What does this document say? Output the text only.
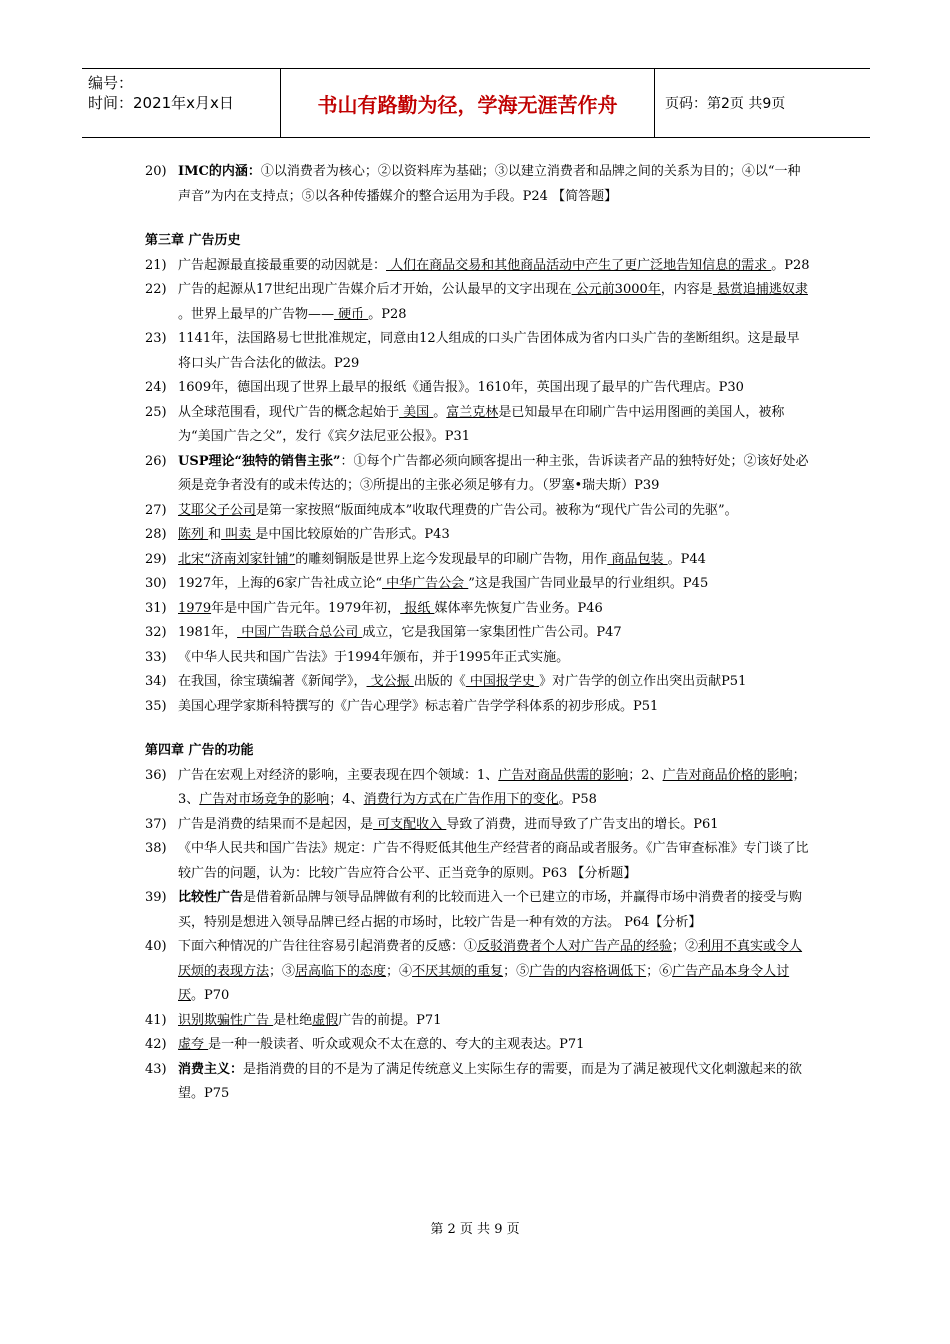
编号：
时间：2021年x月x日	书山有路勤为径，学海无涯苦作舟	页码：第2页 共9页
20) IMC的内涵：①以消费者为核心；②以资料库为基础；③以建立消费者和品牌之间的关系为目的；④以“一种声音”为内在支持点；⑤以各种传播媒介的整合运用为手段。P24 【简答题】
第三章 广告历史
21) 广告起源最直接最重要的动因就是： 人们在商品交易和其他商品活动中产生了更广泛地告知信息的需求 。P28
22) 广告的起源从17世纪出现广告媒介后才开始，公认最早的文字出现在 公元前3000年，内容是 悬赏追捕逃奴隶 。世界上最早的广告物—— 硬币 。P28
23) 1141年，法国路易七世批准规定，同意由12人组成的口头广告团体成为省内口头广告的垄断组织。这是最早将口头广告合法化的做法。P29
24) 1609年，德国出现了世界上最早的报纸《通告报》。1610年，英国出现了最早的广告代理店。P30
25) 从全球范围看，现代广告的概念起始于 美国 。富兰克林是已知最早在印刷广告中运用图画的美国人，被称为“美国广告之父”，发行《宾夕法尼亚公报》。P31
26) USP理论“独特的销售主张”：①每个广告都必须向顾客提出一种主张，告诉读者产品的独特好处；②该好处必须是竞争者没有的或未传达的；③所提出的主张必须足够有力。（罗塞•瑞夫斯）P39
27) 艾耶父子公司是第一家按照“版面纯成本”收取代理费的广告公司。被称为“现代广告公司的先驱”。
28) 陈列 和 叫卖 是中国比较原始的广告形式。P43
29) 北宋“济南刘家针铺”的雕刻铜版是世界上迄今发现最早的印刷广告物，用作 商品包装 。P44
30) 1927年，上海的6家广告社成立论“ 中华广告公会 ”这是我国广告同业最早的行业组织。P45
31) 1979年是中国广告元年。1979年初， 报纸 媒体率先恢复广告业务。P46
32) 1981年， 中国广告联合总公司 成立，它是我国第一家集团性广告公司。P47
33) 《中华人民共和国广告法》于1994年颁布，并于1995年正式实施。
34) 在我国，徐宝璜编著《新闻学》， 戈公振 出版的《 中国报学史 》对广告学的创立作出突出贡献P51
35) 美国心理学家斯科特撰写的《广告心理学》标志着广告学学科体系的初步形成。P51
第四章 广告的功能
36) 广告在宏观上对经济的影响，主要表现在四个领域：1、广告对商品供需的影响；2、广告对商品价格的影响；3、广告对市场竞争的影响；4、消费行为方式在广告作用下的变化。P58
37) 广告是消费的结果而不是起因，是 可支配收入 导致了消费，进而导致了广告支出的增长。P61
38) 《中华人民共和国广告法》规定：广告不得贬低其他生产经营者的商品或者服务。《广告审查标准》专门谈了比较广告的问题，认为：比较广告应符合公平、正当竞争的原则。P63 【分析题】
39) 比较性广告是借着新品牌与领导品牌做有利的比较而进入一个已建立的市场，并赢得市场中消费者的接受与购买，特别是想进入领导品牌已经占据的市场时，比较广告是一种有效的方法。 P64【分析】
40) 下面六种情况的广告往往容易引起消费者的反感：①反驳消费者个人对广告产品的经验；②利用不真实或令人厌烦的表现方法；③居高临下的态度；④不厌其烦的重复；⑤广告的内容格调低下；⑥广告产品本身令人讨厌。P70
41) 识别欺骗性广告 是杜绝虚假广告的前提。P71
42) 虚夸 是一种一般读者、听众或观众不太在意的、夸大的主观表达。P71
43) 消费主义：是指消费的目的不是为了满足传统意义上实际生存的需要，而是为了满足被现代文化刺激起来的欲望。P75
第 2 页 共 9 页
